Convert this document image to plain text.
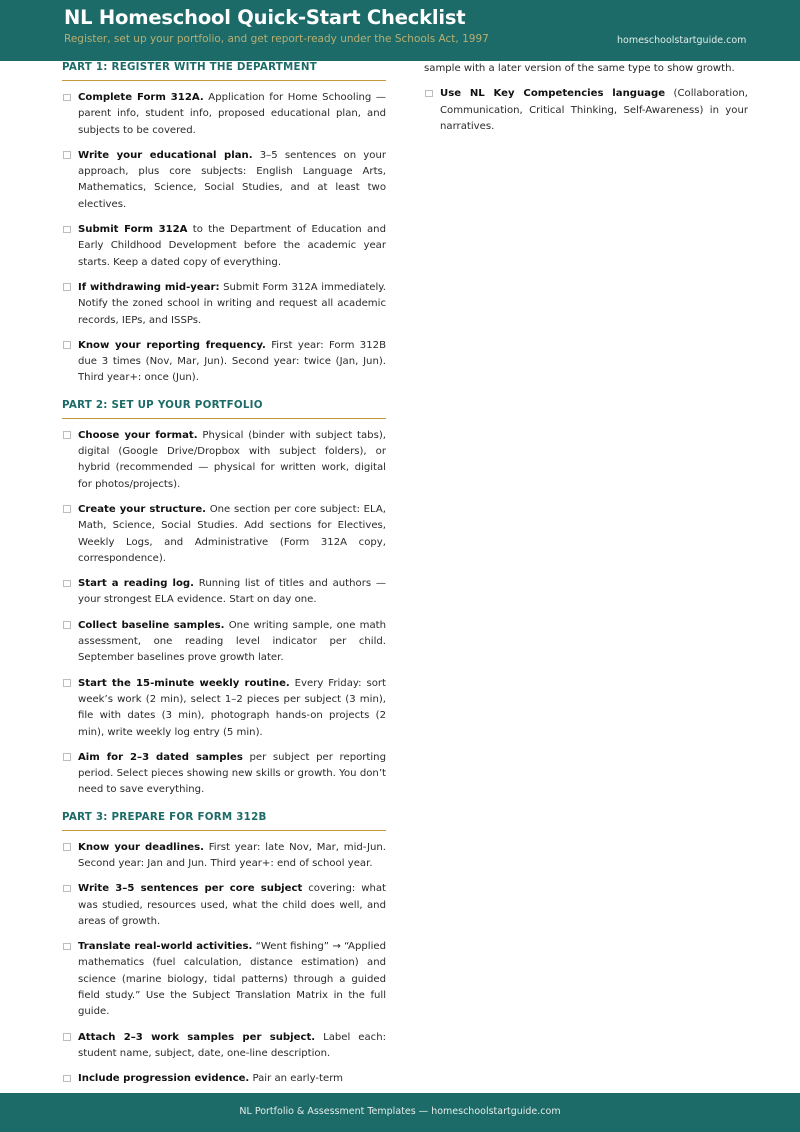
NL Homeschool Quick-Start Checklist
Register, set up your portfolio, and get report-ready under the Schools Act, 1997	homeschoolstartguide.com
PART 1: REGISTER WITH THE DEPARTMENT
Complete Form 312A. Application for Home Schooling — parent info, student info, proposed educational plan, and subjects to be covered.
Write your educational plan. 3–5 sentences on your approach, plus core subjects: English Language Arts, Mathematics, Science, Social Studies, and at least two electives.
Submit Form 312A to the Department of Education and Early Childhood Development before the academic year starts. Keep a dated copy of everything.
If withdrawing mid-year: Submit Form 312A immediately. Notify the zoned school in writing and request all academic records, IEPs, and ISSPs.
Know your reporting frequency. First year: Form 312B due 3 times (Nov, Mar, Jun). Second year: twice (Jan, Jun). Third year+: once (Jun).
PART 2: SET UP YOUR PORTFOLIO
Choose your format. Physical (binder with subject tabs), digital (Google Drive/Dropbox with subject folders), or hybrid (recommended — physical for written work, digital for photos/projects).
Create your structure. One section per core subject: ELA, Math, Science, Social Studies. Add sections for Electives, Weekly Logs, and Administrative (Form 312A copy, correspondence).
Start a reading log. Running list of titles and authors — your strongest ELA evidence. Start on day one.
Collect baseline samples. One writing sample, one math assessment, one reading level indicator per child. September baselines prove growth later.
Start the 15-minute weekly routine. Every Friday: sort week’s work (2 min), select 1–2 pieces per subject (3 min), file with dates (3 min), photograph hands-on projects (2 min), write weekly log entry (5 min).
Aim for 2–3 dated samples per subject per reporting period. Select pieces showing new skills or growth. You don’t need to save everything.
PART 3: PREPARE FOR FORM 312B
Know your deadlines. First year: late Nov, Mar, mid-Jun. Second year: Jan and Jun. Third year+: end of school year.
Write 3–5 sentences per core subject covering: what was studied, resources used, what the child does well, and areas of growth.
Translate real-world activities. “Went fishing” → “Applied mathematics (fuel calculation, distance estimation) and science (marine biology, tidal patterns) through a guided field study.” Use the Subject Translation Matrix in the full guide.
Attach 2–3 work samples per subject. Label each: student name, subject, date, one-line description.
Include progression evidence. Pair an early-term
sample with a later version of the same type to show growth.
Use NL Key Competencies language (Collaboration, Communication, Critical Thinking, Self-Awareness) in your narratives.
NL Portfolio & Assessment Templates — homeschoolstartguide.com
